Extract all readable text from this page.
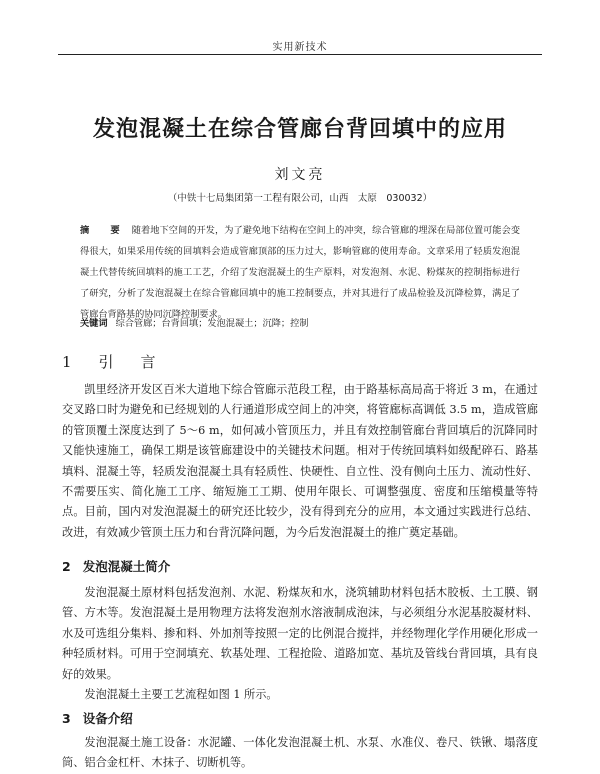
实用新技术
发泡混凝土在综合管廊台背回填中的应用
刘文亮
（中铁十七局集团第一工程有限公司，山西　太原　030032）
摘　要 随着地下空间的开发，为了避免地下结构在空间上的冲突，综合管廊的埋深在局部位置可能会变得很大，如果采用传统的回填料会造成管廊顶部的压力过大，影响管廊的使用寿命。文章采用了轻质发泡混凝土代替传统回填料的施工工艺，介绍了发泡混凝土的生产原料，对发泡剂、水泥、粉煤灰的控制指标进行了研究，分析了发泡混凝土在综合管廊回填中的施工控制要点，并对其进行了成品检验及沉降检算，满足了管廊台背路基的协同沉降控制要求。
关键词 综合管廊；台背回填；发泡混凝土；沉降；控制
1　引　言
凯里经济开发区百米大道地下综合管廊示范段工程，由于路基标高局高于将近 3 m，在通过交叉路口时为避免和已经规划的人行通道形成空间上的冲突，将管廊标高调低 3.5 m，造成管廊的管顶覆土深度达到了 5～6 m，如何减小管顶压力，并且有效控制管廊台背回填后的沉降同时又能快速施工，确保工期是该管廊建设中的关键技术问题。相对于传统回填料如级配碎石、路基填料、混凝土等，轻质发泡混凝土具有轻质性、快硬性、自立性、没有侧向土压力、流动性好、不需要压实、简化施工工序、缩短施工工期、使用年限长、可调整强度、密度和压缩模量等特点。目前，国内对发泡混凝土的研究还比较少，没有得到充分的应用，本文通过实践进行总结、改进，有效减少管顶土压力和台背沉降问题，为今后发泡混凝土的推广奠定基础。
2 发泡混凝土简介
发泡混凝土原材料包括发泡剂、水泥、粉煤灰和水，浇筑辅助材料包括木胶板、土工膜、钢管、方木等。发泡混凝土是用物理方法将发泡剂水溶液制成泡沫，与必须组分水泥基胶凝材料、水及可选组分集料、掺和料、外加剂等按照一定的比例混合搅拌，并经物理化学作用硬化形成一种轻质材料。可用于空洞填充、软基处理、工程抢险、道路加宽、基坑及管线台背回填，具有良好的效果。
发泡混凝土主要工艺流程如图 1 所示。
3 设备介绍
发泡混凝土施工设备：水泥罐、一体化发泡混凝土机、水泵、水准仪、卷尺、铁锹、塌落度筒、铝合金杠杆、木抹子、切断机等。
